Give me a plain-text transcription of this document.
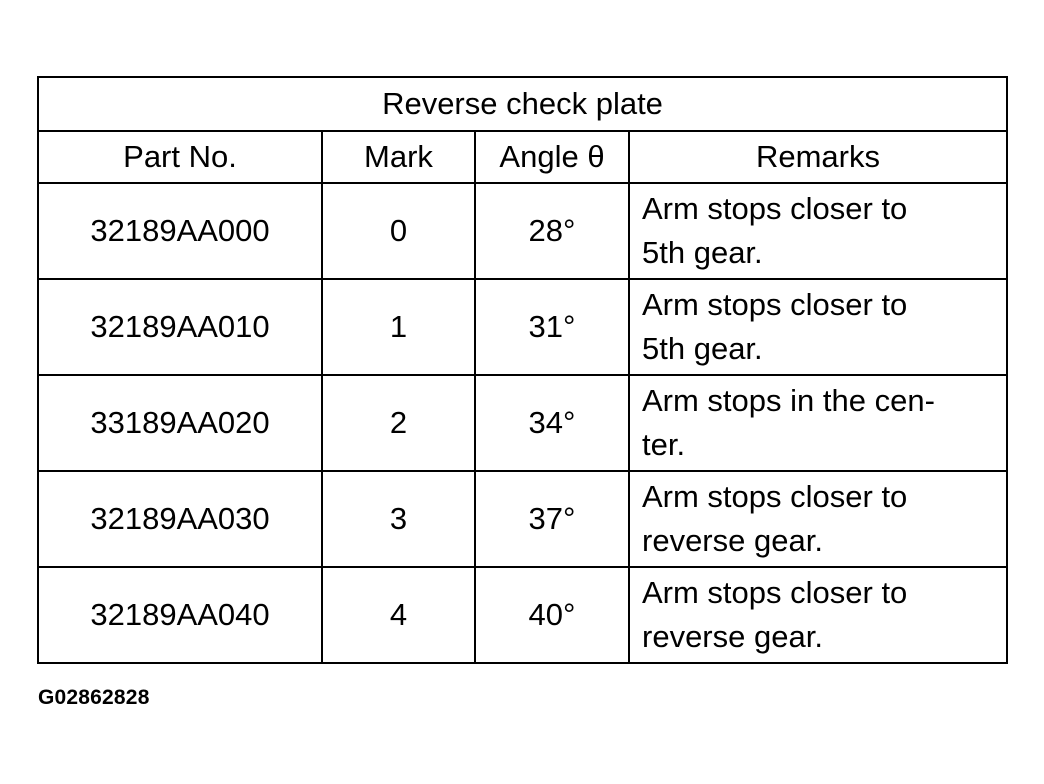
Reverse check plate			
Part No.	Mark	Angle θ	Remarks
32189AA000	0	28°	Arm stops closer to
5th gear.
32189AA010	1	31°	Arm stops closer to
5th gear.
33189AA020	2	34°	Arm stops in the cen-
ter.
32189AA030	3	37°	Arm stops closer to
reverse gear.
32189AA040	4	40°	Arm stops closer to
reverse gear.
G02862828
